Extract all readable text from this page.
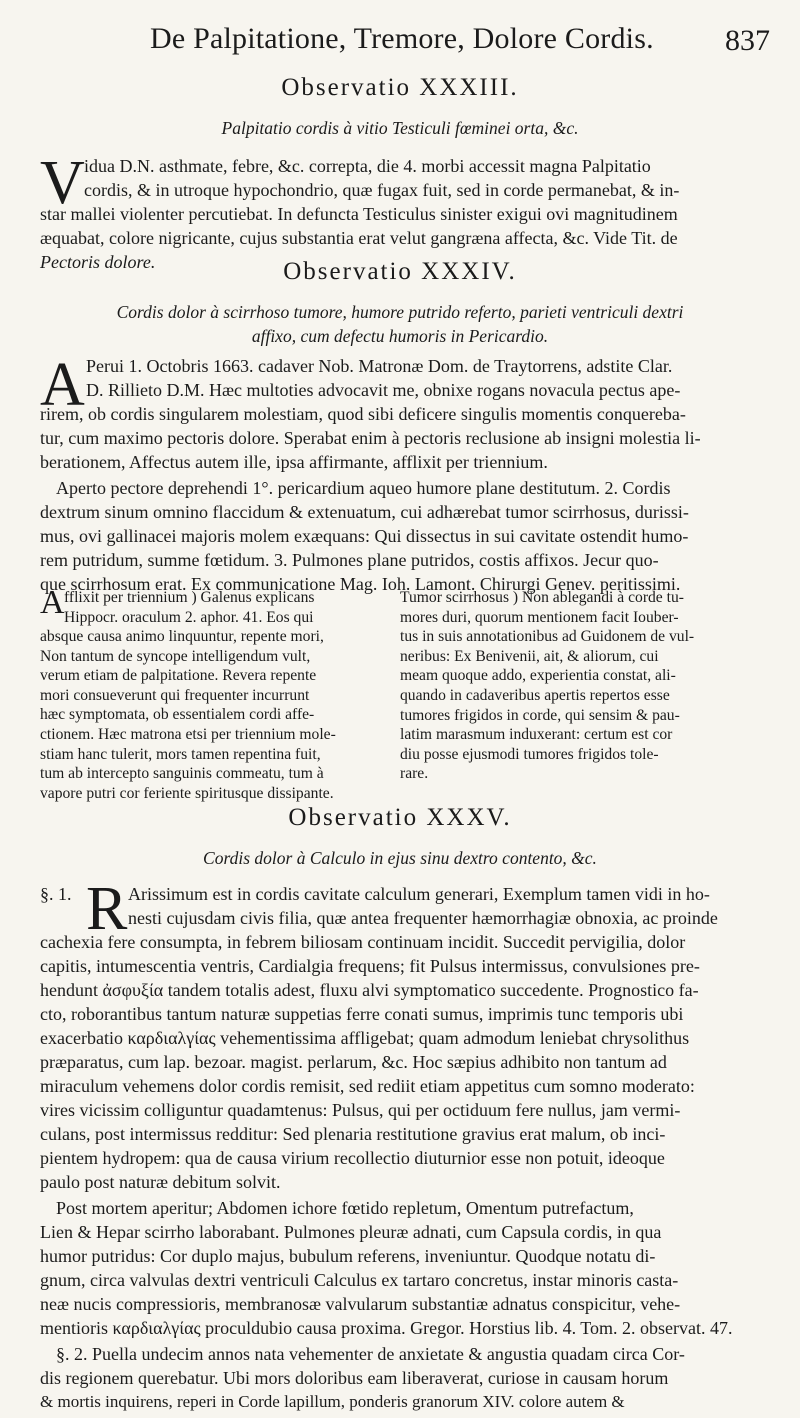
De Palpitatione, Tremore, Dolore Cordis. 837
Observatio XXXIII.
Palpitatio cordis à vitio Testiculi fœminei orta, &c.
V idua D.N. asthmate, febre, &c. correpta, die 4. morbi accessit magna Palpitatio
cordis, & in utroque hypochondrio, quæ fugax fuit, sed in corde permanebat, & in-
star mallei violenter percutiebat. In defuncta Testiculus sinister exigui ovi magnitudinem
æquabat, colore nigricante, cujus substantia erat velut gangræna affecta, &c. Vide Tit. de
Pectoris dolore.	Observatio XXXIV.
Cordis dolor à scirrhoso tumore, humore putrido referto, parieti ventriculi dextri
affixo, cum defectu humoris in Pericardio.
A Perui 1. Octobris 1663. cadaver Nob. Matronæ Dom. de Traytorrens, adstite Clar.
D. Rillieto D.M. Hæc multoties advocavit me, obnixe rogans novacula pectus ape-
rirem, ob cordis singularem molestiam, quod sibi deficere singulis momentis conquereba-
tur, cum maximo pectoris dolore. Sperabat enim à pectoris reclusione ab insigni molestia li-
berationem, Affectus autem ille, ipsa affirmante, afflixit per triennium.
Aperto pectore deprehendi 1°. pericardium aqueo humore plane destitutum. 2. Cordis
dextrum sinum omnino flaccidum & extenuatum, cui adhærebat tumor scirrhosus, durissi-
mus, ovi gallinacei majoris molem exæquans: Qui dissectus in sui cavitate ostendit humo-
rem putridum, summe fœtidum. 3. Pulmones plane putridos, costis affixos. Jecur quo-
que scirrhosum erat. Ex communicatione Mag. Ioh. Lamont. Chirurgi Genev. peritissimi.
A fflixit per triennium ) Galenus explicans
Hippocr. oraculum 2. aphor. 41. Eos qui
absque causa animo linquuntur, repente mori,
Non tantum de syncope intelligendum vult,
verum etiam de palpitatione. Revera repente
mori consueverunt qui frequenter incurrunt
hæc symptomata, ob essentialem cordi affe-
ctionem. Hæc matrona etsi per triennium mole-
stiam hanc tulerit, mors tamen repentina fuit,
tum ab intercepto sanguinis commeatu, tum à
vapore putri cor feriente spiritusque dissipante.
Tumor scirrhosus ) Non ablegandi à corde tu-
mores duri, quorum mentionem facit Iouber-
tus in suis annotationibus ad Guidonem de vul-
neribus: Ex Benivenii, ait, & aliorum, cui
meam quoque addo, experientia constat, ali-
quando in cadaveribus apertis repertos esse
tumores frigidos in corde, qui sensim & pau-
latim marasmum induxerant: certum est cor
diu posse ejusmodi tumores frigidos tole-
rare.
Observatio XXXV.
Cordis dolor à Calculo in ejus sinu dextro contento, &c.
§. 1. R Arissimum est in cordis cavitate calculum generari, Exemplum tamen vidi in ho-
nesti cujusdam civis filia, quæ antea frequenter hæmorrhagiæ obnoxia, ac proinde
cachexia fere consumpta, in febrem biliosam continuam incidit. Succedit pervigilia, dolor
capitis, intumescentia ventris, Cardialgia frequens; fit Pulsus intermissus, convulsiones pre-
hendunt ἀσφυξία tandem totalis adest, fluxu alvi symptomatico succedente. Prognostico fa-
cto, roborantibus tantum naturæ suppetias ferre conati sumus, imprimis tunc temporis ubi
exacerbatio καρδιαλγίας vehementissima affligebat; quam admodum leniebat chrysolithus
præparatus, cum lap. bezoar. magist. perlarum, &c. Hoc sæpius adhibito non tantum ad
miraculum vehemens dolor cordis remisit, sed rediit etiam appetitus cum somno moderato:
vires vicissim colliguntur quadamtenus: Pulsus, qui per octiduum fere nullus, jam vermi-
culans, post intermissus redditur: Sed plenaria restitutione gravius erat malum, ob inci-
pientem hydropem: qua de causa virium recollectio diuturnior esse non potuit, ideoque
paulo post naturæ debitum solvit.
Post mortem aperitur; Abdomen ichore fœtido repletum, Omentum putrefactum,
Lien & Hepar scirrho laborabant. Pulmones pleuræ adnati, cum Capsula cordis, in qua
humor putridus: Cor duplo majus, bubulum referens, inveniuntur. Quodque notatu di-
gnum, circa valvulas dextri ventriculi Calculus ex tartaro concretus, instar minoris casta-
neæ nucis compressioris, membranosæ valvularum substantiæ adnatus conspicitur, vehe-
mentioris καρδιαλγίας proculdubio causa proxima. Gregor. Horstius lib. 4. Tom. 2. observat. 47.
§. 2. Puella undecim annos nata vehementer de anxietate & angustia quadam circa Cor-
dis regionem querebatur. Ubi mors doloribus eam liberaverat, curiose in causam horum
& mortis inquirens, reperi in Corde lapillum, ponderis granorum XIV. colore autem &
